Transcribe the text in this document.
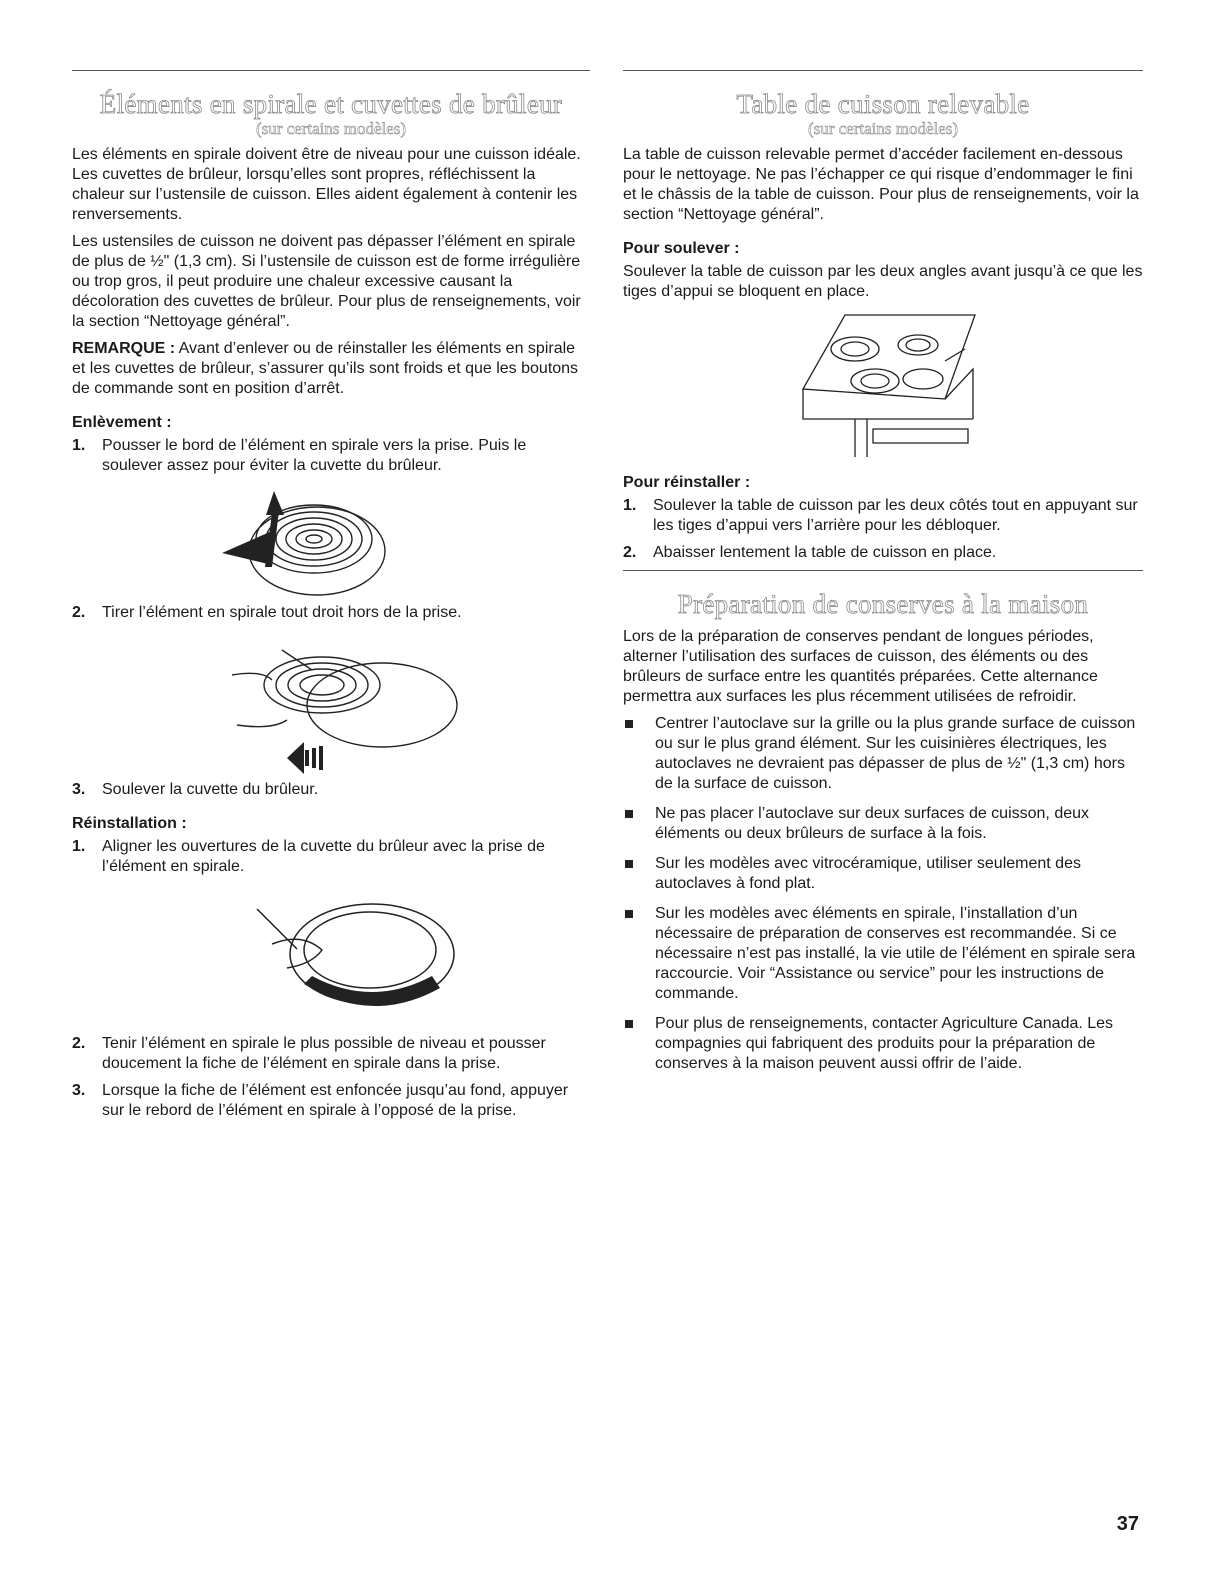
Éléments en spirale et cuvettes de brûleur
(sur certains modèles)

Les éléments en spirale doivent être de niveau pour une cuisson idéale. Les cuvettes de brûleur, lorsqu’elles sont propres, réfléchissent la chaleur sur l’ustensile de cuisson. Elles aident également à contenir les renversements.

Les ustensiles de cuisson ne doivent pas dépasser l’élément en spirale de plus de ½" (1,3 cm). Si l’ustensile de cuisson est de forme irrégulière ou trop gros, il peut produire une chaleur excessive causant la décoloration des cuvettes de brûleur. Pour plus de renseignements, voir la section “Nettoyage général”.

REMARQUE : Avant d’enlever ou de réinstaller les éléments en spirale et les cuvettes de brûleur, s’assurer qu’ils sont froids et que les boutons de commande sont en position d’arrêt.

Enlèvement :
1. Pousser le bord de l’élément en spirale vers la prise. Puis le soulever assez pour éviter la cuvette du brûleur.
2. Tirer l’élément en spirale tout droit hors de la prise.
3. Soulever la cuvette du brûleur.
Réinstallation :
1. Aligner les ouvertures de la cuvette du brûleur avec la prise de l’élément en spirale.
2. Tenir l’élément en spirale le plus possible de niveau et pousser doucement la fiche de l’élément en spirale dans la prise.
3. Lorsque la fiche de l’élément est enfoncée jusqu’au fond, appuyer sur le rebord de l’élément en spirale à l’opposé de la prise.
Table de cuisson relevable
(sur certains modèles)

La table de cuisson relevable permet d’accéder facilement en-dessous pour le nettoyage. Ne pas l’échapper ce qui risque d’endommager le fini et le châssis de la table de cuisson. Pour plus de renseignements, voir la section “Nettoyage général”.

Pour soulever :

Soulever la table de cuisson par les deux angles avant jusqu’à ce que les tiges d’appui se bloquent en place.

Pour réinstaller :
1. Soulever la table de cuisson par les deux côtés tout en appuyant sur les tiges d’appui vers l’arrière pour les débloquer.
2. Abaisser lentement la table de cuisson en place.
Préparation de conserves à la maison

Lors de la préparation de conserves pendant de longues périodes, alterner l’utilisation des surfaces de cuisson, des éléments ou des brûleurs de surface entre les quantités préparées. Cette alternance permettra aux surfaces les plus récemment utilisées de refroidir.

Centrer l’autoclave sur la grille ou la plus grande surface de cuisson ou sur le plus grand élément. Sur les cuisinières électriques, les autoclaves ne devraient pas dépasser de plus de ½" (1,3 cm) hors de la surface de cuisson.
Ne pas placer l’autoclave sur deux surfaces de cuisson, deux éléments ou deux brûleurs de surface à la fois.
Sur les modèles avec vitrocéramique, utiliser seulement des autoclaves à fond plat.
Sur les modèles avec éléments en spirale, l’installation d’un nécessaire de préparation de conserves est recommandée. Si ce nécessaire n’est pas installé, la vie utile de l’élément en spirale sera raccourcie. Voir “Assistance ou service” pour les instructions de commande.
Pour plus de renseignements, contacter Agriculture Canada. Les compagnies qui fabriquent des produits pour la préparation de conserves à la maison peuvent aussi offrir de l’aide.
37
